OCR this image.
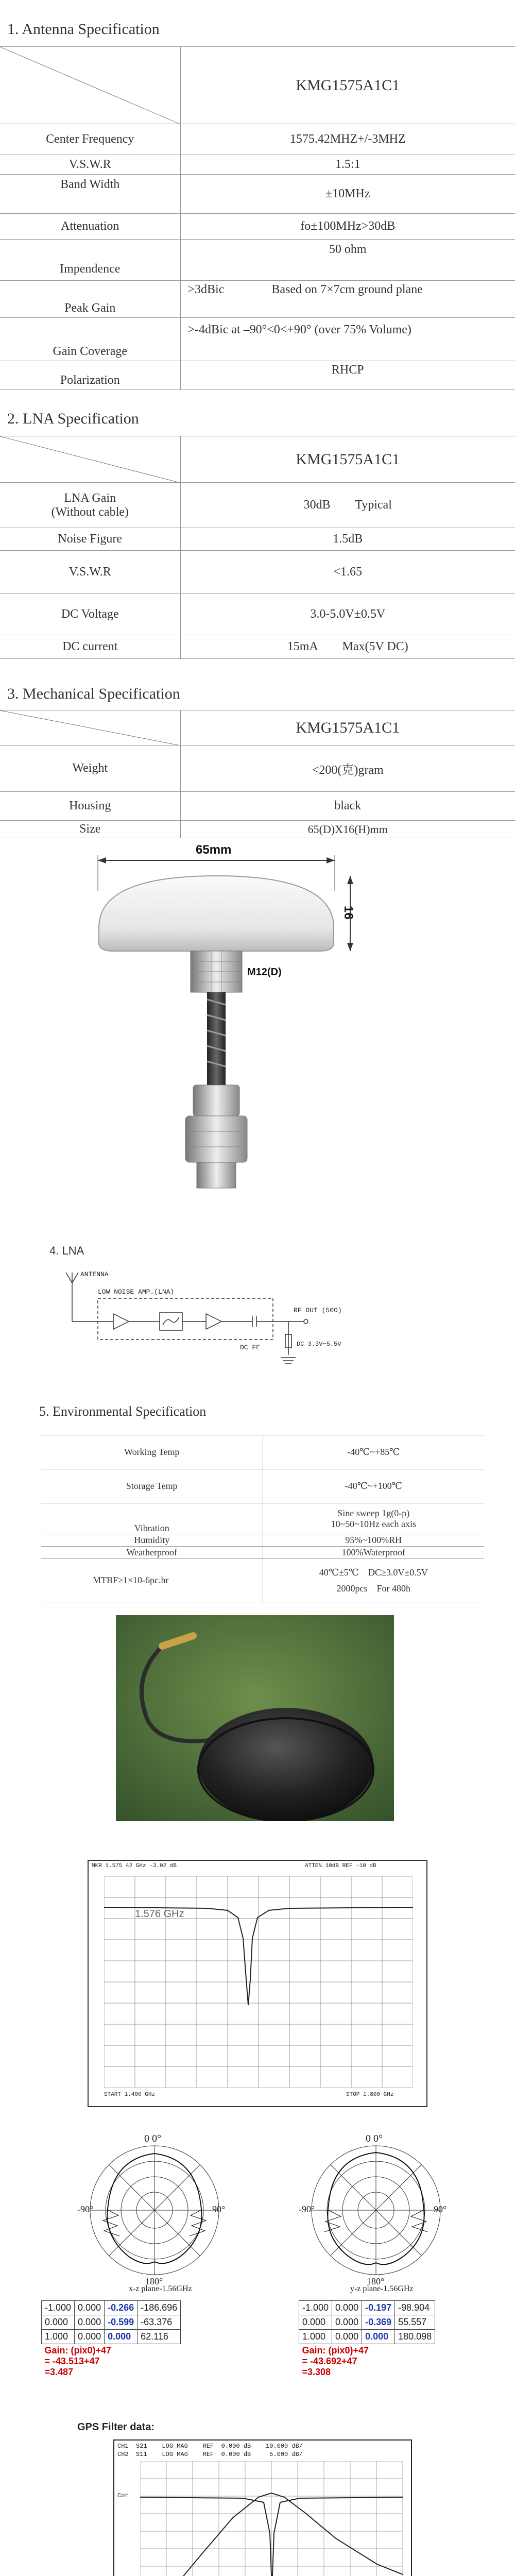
1. Antenna Specification
	KMG1575A1C1
Center Frequency	1575.42MHZ+/-3MHZ
V.S.W.R	1.5:1
Band Width	±10MHz
Attenuation	fo±100MHz>30dB
Impendence	50 ohm
Peak Gain	>3dBic Based on 7×7cm ground plane
Gain Coverage	>-4dBic at –90°<0<+90° (over 75% Volume)
Polarization	RHCP
2. LNA Specification
	KMG1575A1C1

LNA Gain
(Without cable)	30dB Typical
Noise Figure	1.5dB
V.S.W.R	<1.65
DC Voltage	3.0-5.0V±0.5V
DC current	15mA Max(5V DC)
3. Mechanical Specification
	KMG1575A1C1
Weight	<200(克)gram
Housing	black
Size	65(D)X16(H)mm
65mm
16
M12(D)
4. LNA
ANTENNA
LOW NOISE AMP.(LNA)
RF OUT (50Ω)
DC FE	DC 3.3V~5.5V
5. Environmental Specification
Working Temp	-40℃~+85℃
Storage Temp	-40℃~+100℃
Vibration	Sine sweep 1g(0-p)
10~50~10Hz each axis

Humidity	95%~100%RH
Weatherproof	100%Waterproof
MTBF≥1×10-6pc.hr	40℃±5℃ DC≥3.0V±0.5V
2000pcs For 480h
MKR 1.575 42 GHz -3.02 dB	ATTEN 10dB REF -10 dB
1.576 GHz
START 1.400 GHz	STOP 1.800 GHz
0 0°
-90°	90°
180°
x-z plane-1.56GHz
-1.000	0.000	-0.266	-186.696
0.000	0.000	-0.599	-63.376
1.000	0.000	0.000	62.116

Gain: (pix0)+47
= -43.513+47
=3.487			
0 0°
-90°	90°
180°
y-z plane-1.56GHz
-1.000	0.000	-0.197	-98.904
0.000	0.000	-0.369	55.557
1.000	0.000	0.000	180.098

Gain: (pix0)+47
= -43.692+47
=3.308			
GPS Filter data:
CH1  S21    LOG MAG    REF  0.000 dB    10.000 dB/
CH2  S11    LOG MAG    REF  0.000 dB     5.000 dB/
Cor
